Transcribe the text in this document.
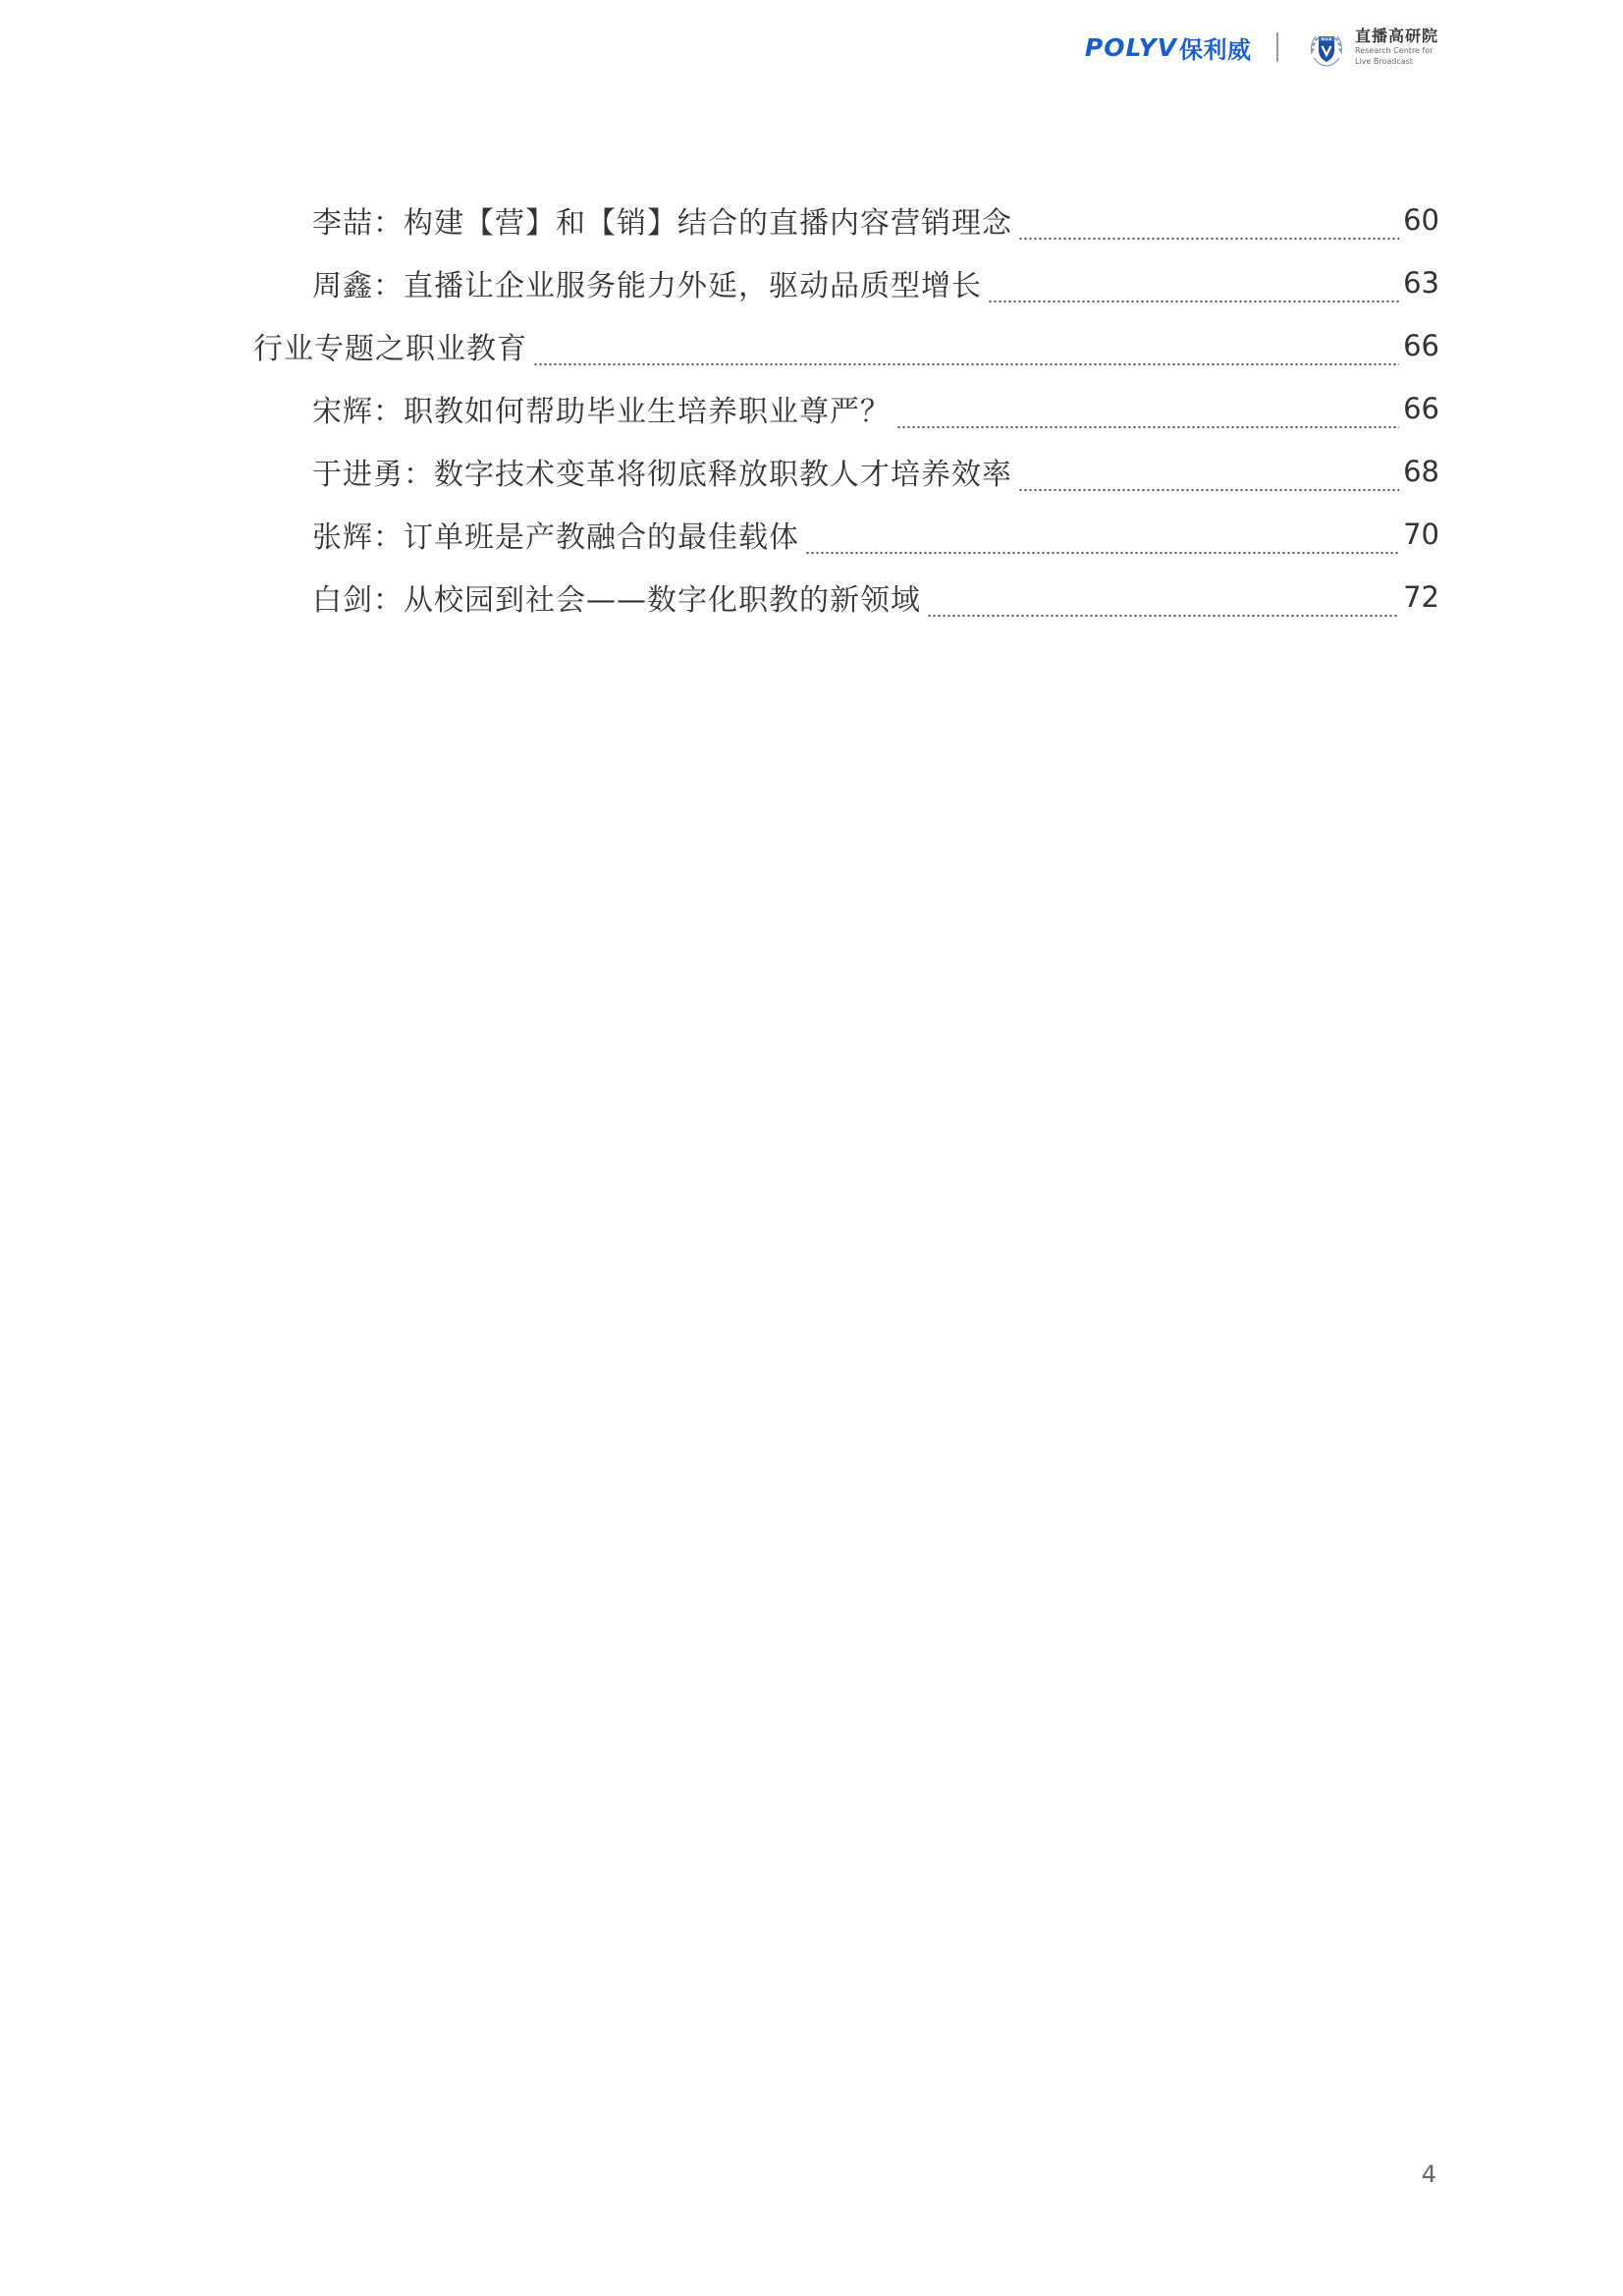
POLYV 保利威	RCLB 直播高研院
Research Centre for
Live Broadcast
李喆：构建【营】和【销】结合的直播内容营销理念	60
周鑫：直播让企业服务能力外延，驱动品质型增长	63
行业专题之职业教育	66
宋辉：职教如何帮助毕业生培养职业尊严？	66
于进勇：数字技术变革将彻底释放职教人才培养效率	68
张辉：订单班是产教融合的最佳载体	70
白剑：从校园到社会——数字化职教的新领域	72
4
